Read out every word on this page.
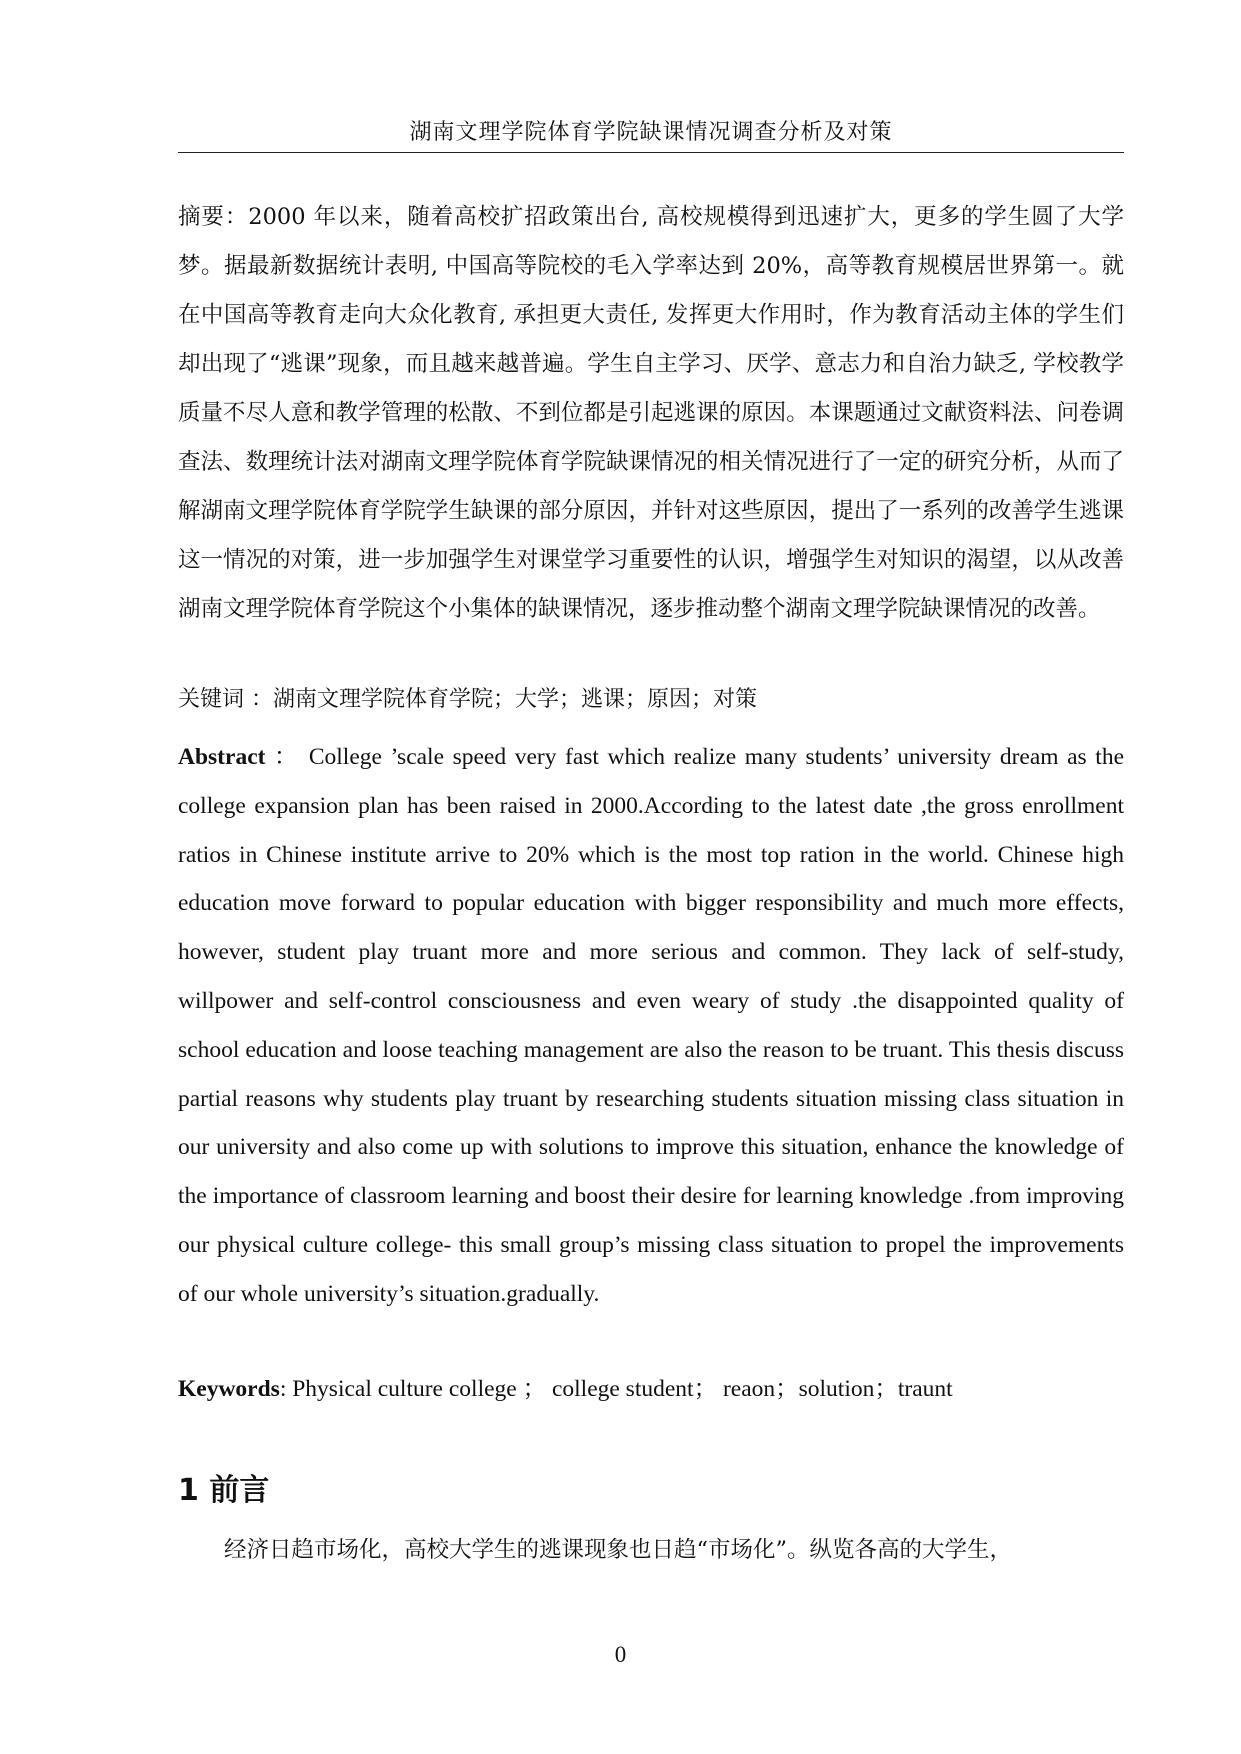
湖南文理学院体育学院缺课情况调查分析及对策

摘要：2000 年以来，随着高校扩招政策出台, 高校规模得到迅速扩大，更多的学生圆了大学梦。据最新数据统计表明, 中国高等院校的毛入学率达到 20%，高等教育规模居世界第一。就在中国高等教育走向大众化教育, 承担更大责任, 发挥更大作用时，作为教育活动主体的学生们却出现了“逃课”现象，而且越来越普遍。学生自主学习、厌学、意志力和自治力缺乏, 学校教学质量不尽人意和教学管理的松散、不到位都是引起逃课的原因。本课题通过文献资料法、问卷调查法、数理统计法对湖南文理学院体育学院缺课情况的相关情况进行了一定的研究分析，从而了解湖南文理学院体育学院学生缺课的部分原因，并针对这些原因，提出了一系列的改善学生逃课这一情况的对策，进一步加强学生对课堂学习重要性的认识，增强学生对知识的渴望，以从改善湖南文理学院体育学院这个小集体的缺课情况，逐步推动整个湖南文理学院缺课情况的改善。

关键词 ：湖南文理学院体育学院；大学；逃课；原因；对策

Abstract ： College ’scale speed very fast which realize many students’ university dream as the college expansion plan has been raised in 2000.According to the latest date ,the gross enrollment ratios in Chinese institute arrive to 20% which is the most top ration in the world. Chinese high education move forward to popular education with bigger responsibility and much more effects, however, student play truant more and more serious and common. They lack of self-study, willpower and self-control consciousness and even weary of study .the disappointed quality of school education and loose teaching management are also the reason to be truant. This thesis discuss partial reasons why students play truant by researching students situation missing class situation in our university and also come up with solutions to improve this situation, enhance the knowledge of the importance of classroom learning and boost their desire for learning knowledge .from improving our physical culture college- this small group’s missing class situation to propel the improvements of our whole university’s situation.gradually.

Keywords: Physical culture college ； college student； reaon；solution；traunt

1 前言

经济日趋市场化，高校大学生的逃课现象也日趋“市场化”。纵览各高的大学生，

0
